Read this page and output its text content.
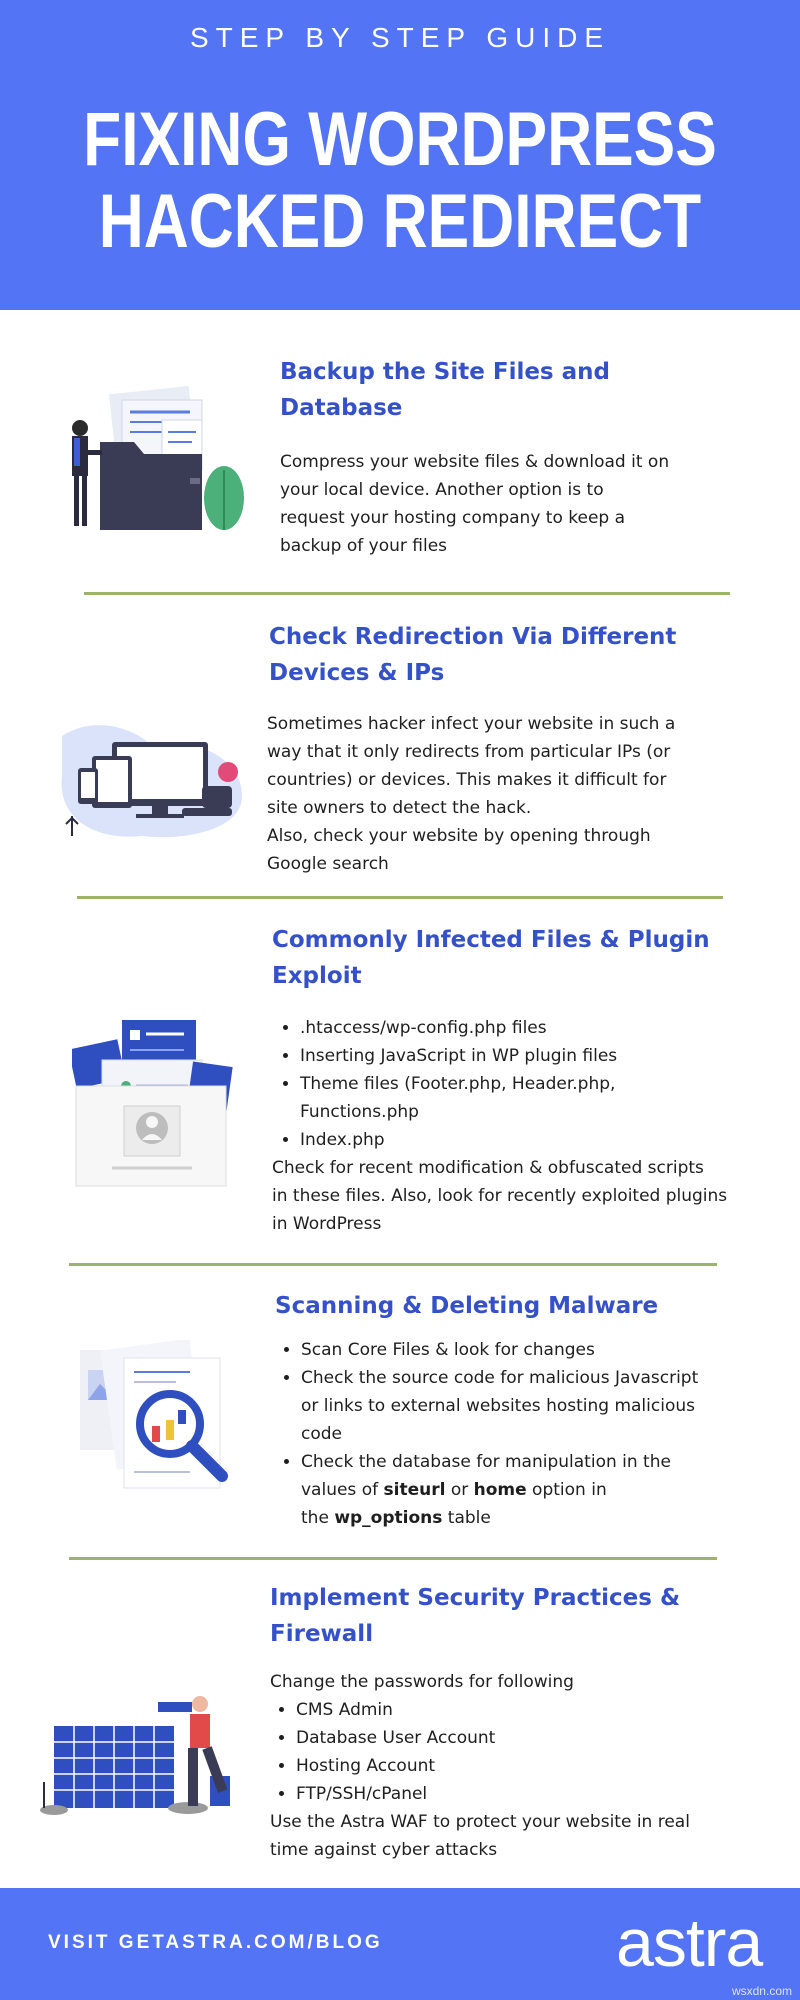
STEP BY STEP GUIDE
FIXING WORDPRESS
HACKED REDIRECT
Backup the Site Files and
Database

Compress your website files & download it on

your local device. Another option is to

request your hosting company to keep a

backup of your files

Check Redirection Via Different
Devices & IPs

Sometimes hacker infect your website in such a

way that it only redirects from particular IPs (or

countries) or devices. This makes it difficult for

site owners to detect the hack.

Also, check your website by opening through

Google search

Commonly Infected Files & Plugin
Exploit
• .htaccess/wp-config.php files
• Inserting JavaScript in WP plugin files
• Theme files (Footer.php, Header.php,
Functions.php
• Index.php

Check for recent modification & obfuscated scripts

in these files. Also, look for recently exploited plugins

in WordPress

Scanning & Deleting Malware
• Scan Core Files & look for changes
• Check the source code for malicious Javascript
or links to external websites hosting malicious
code
• Check the database for manipulation in the
values of siteurl or home option in
the wp_options table
Implement Security Practices &
Firewall

Change the passwords for following

• CMS Admin
• Database User Account
• Hosting Account
• FTP/SSH/cPanel

Use the Astra WAF to protect your website in real

time against cyber attacks

VISIT GETASTRA.COM/BLOG	astra
wsxdn.com
